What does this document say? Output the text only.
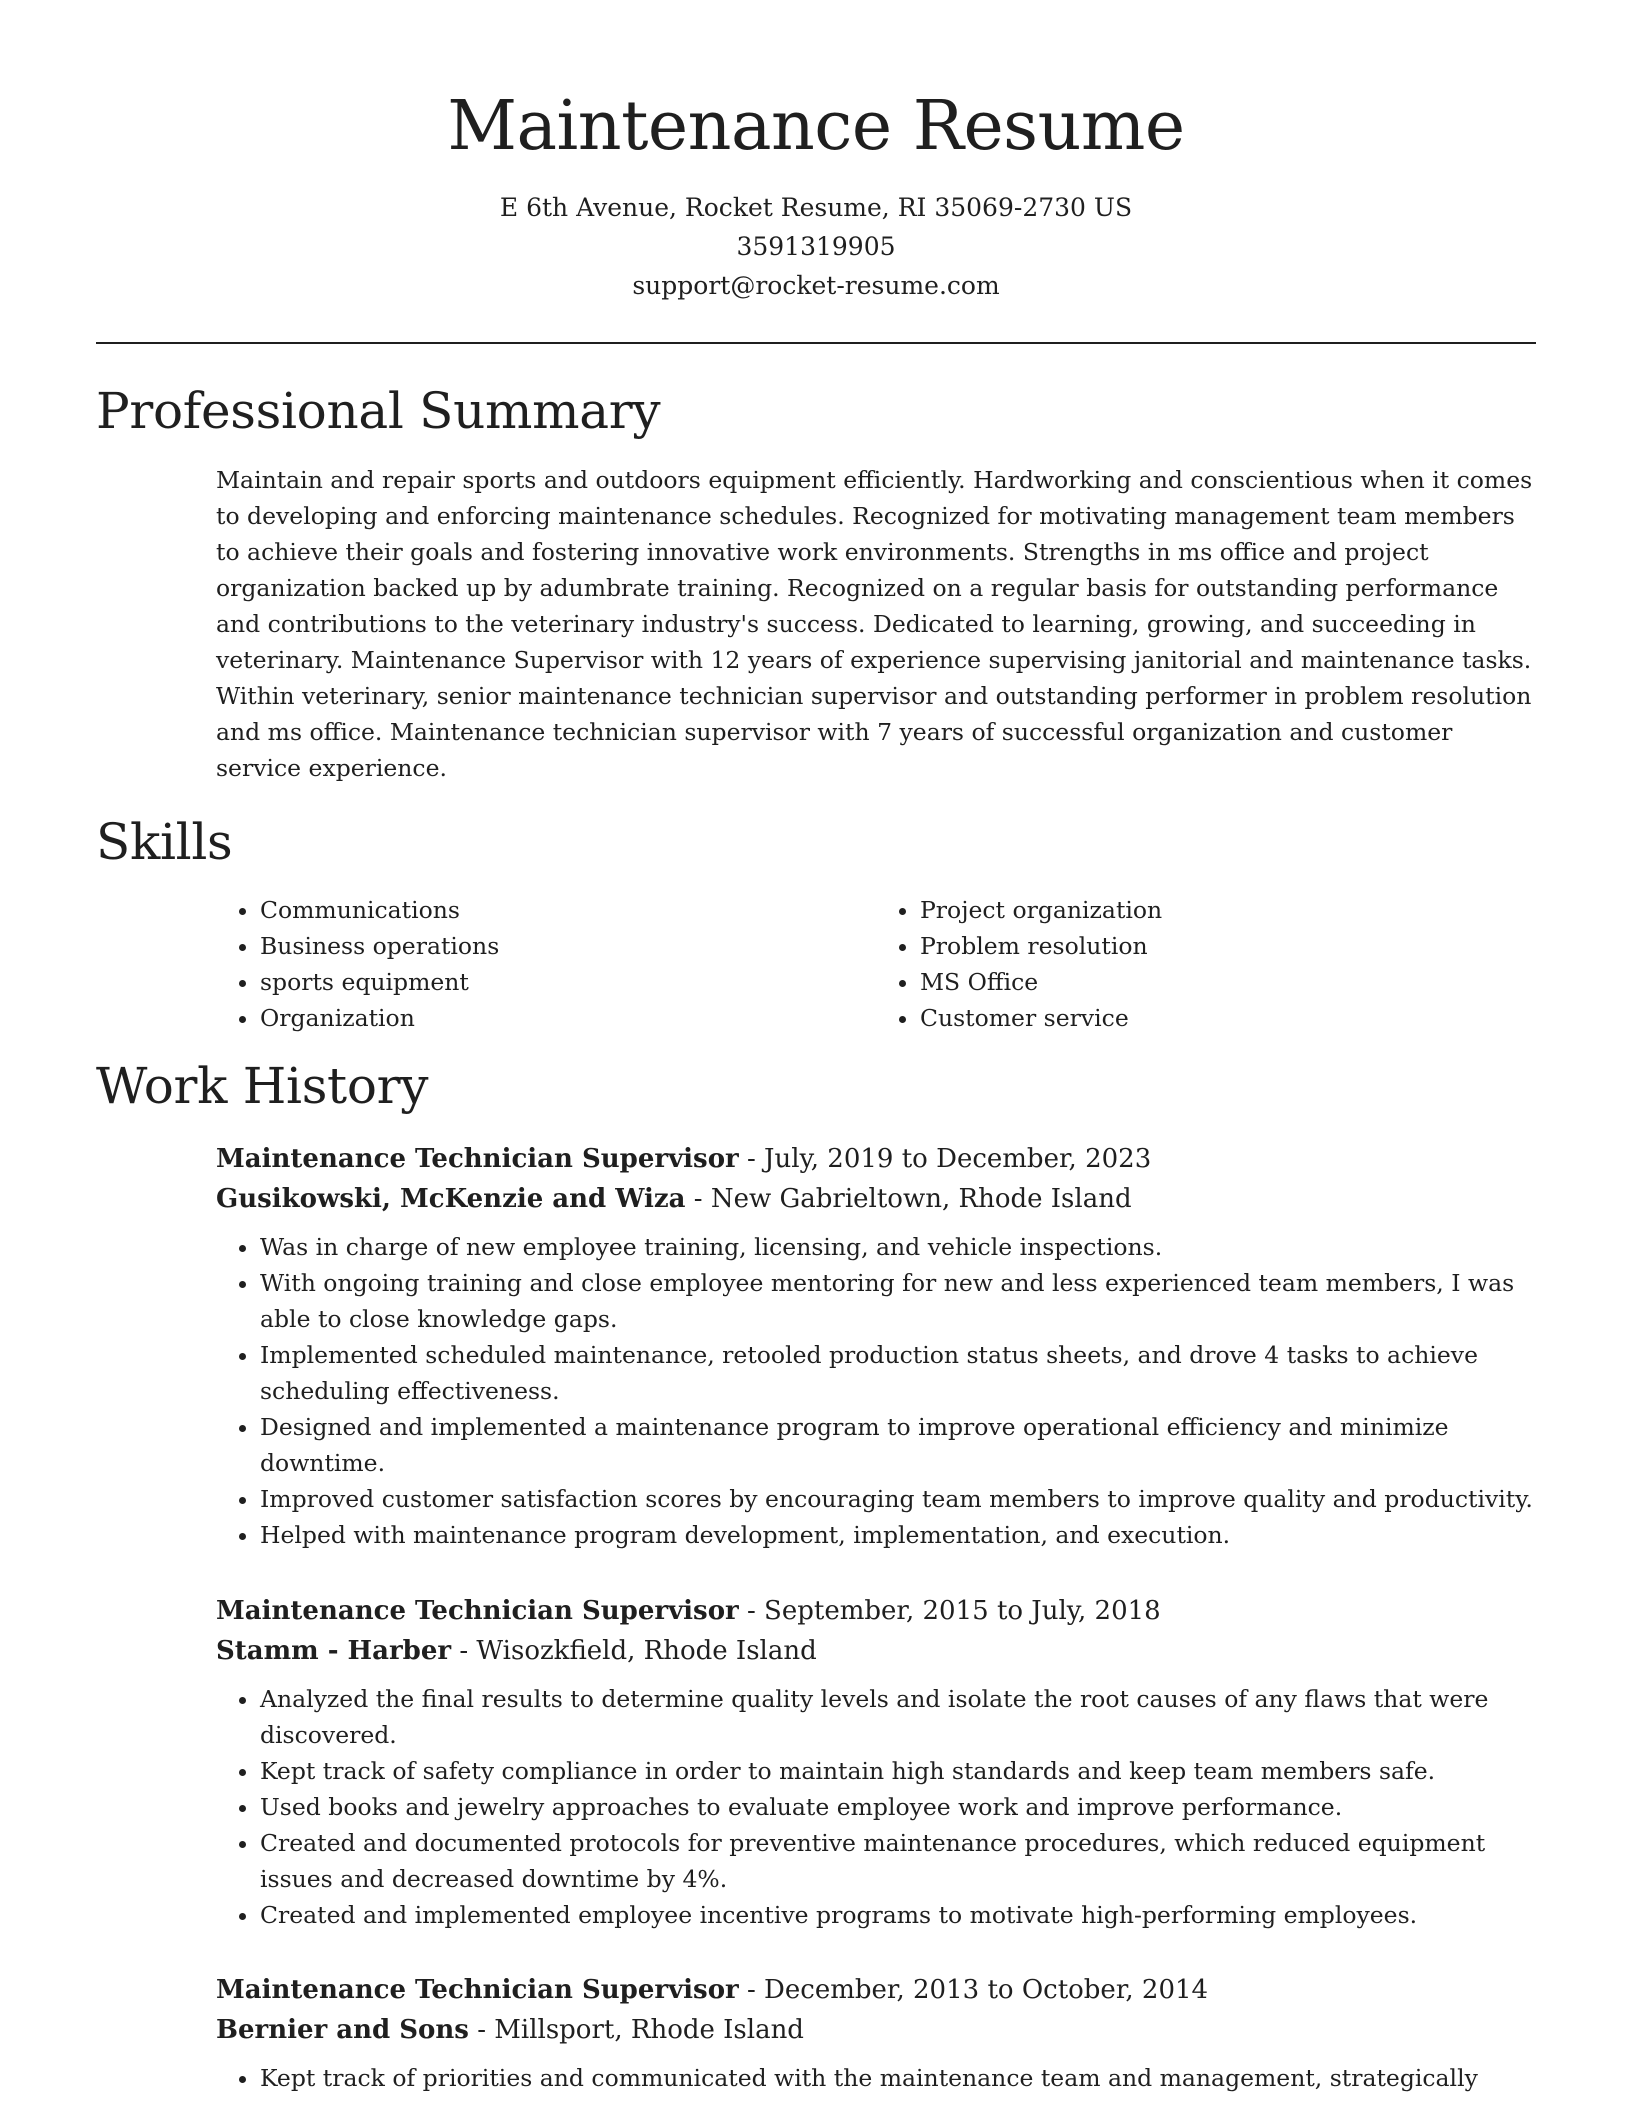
Maintenance Resume
E 6th Avenue, Rocket Resume, RI 35069-2730 US
3591319905
support@rocket-resume.com
Professional Summary

Maintain and repair sports and outdoors equipment efficiently. Hardworking and conscientious when it comes to developing and enforcing maintenance schedules. Recognized for motivating management team members to achieve their goals and fostering innovative work environments. Strengths in ms office and project organization backed up by adumbrate training. Recognized on a regular basis for outstanding performance and contributions to the veterinary industry's success. Dedicated to learning, growing, and succeeding in veterinary. Maintenance Supervisor with 12 years of experience supervising janitorial and maintenance tasks. Within veterinary, senior maintenance technician supervisor and outstanding performer in problem resolution and ms office. Maintenance technician supervisor with 7 years of successful organization and customer service experience.

Skills
• Communications
• Business operations
• sports equipment
• Organization
• Project organization
• Problem resolution
• MS Office
• Customer service
Work History
Maintenance Technician Supervisor - July, 2019 to December, 2023
Gusikowski, McKenzie and Wiza - New Gabrieltown, Rhode Island
• Was in charge of new employee training, licensing, and vehicle inspections.
• With ongoing training and close employee mentoring for new and less experienced team members, I was able to close knowledge gaps.
• Implemented scheduled maintenance, retooled production status sheets, and drove 4 tasks to achieve scheduling effectiveness.
• Designed and implemented a maintenance program to improve operational efficiency and minimize downtime.
• Improved customer satisfaction scores by encouraging team members to improve quality and productivity.
• Helped with maintenance program development, implementation, and execution.
Maintenance Technician Supervisor - September, 2015 to July, 2018
Stamm - Harber - Wisozkfield, Rhode Island
• Analyzed the final results to determine quality levels and isolate the root causes of any flaws that were discovered.
• Kept track of safety compliance in order to maintain high standards and keep team members safe.
• Used books and jewelry approaches to evaluate employee work and improve performance.
• Created and documented protocols for preventive maintenance procedures, which reduced equipment issues and decreased downtime by 4%.
• Created and implemented employee incentive programs to motivate high-performing employees.
Maintenance Technician Supervisor - December, 2013 to October, 2014
Bernier and Sons - Millsport, Rhode Island
• Kept track of priorities and communicated with the maintenance team and management, strategically
